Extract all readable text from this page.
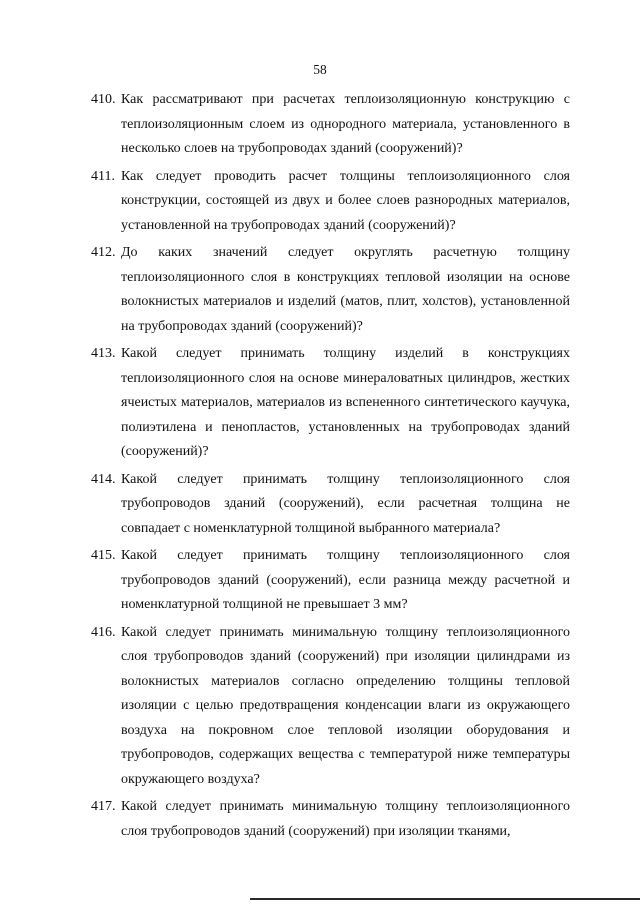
58
410. Как рассматривают при расчетах теплоизоляционную конструкцию с теплоизоляционным слоем из однородного материала, установленного в несколько слоев на трубопроводах зданий (сооружений)?
411. Как следует проводить расчет толщины теплоизоляционного слоя конструкции, состоящей из двух и более слоев разнородных материалов, установленной на трубопроводах зданий (сооружений)?
412. До каких значений следует округлять расчетную толщину теплоизоляционного слоя в конструкциях тепловой изоляции на основе волокнистых материалов и изделий (матов, плит, холстов), установленной на трубопроводах зданий (сооружений)?
413. Какой следует принимать толщину изделий в конструкциях теплоизоляционного слоя на основе минераловатных цилиндров, жестких ячеистых материалов, материалов из вспененного синтетического каучука, полиэтилена и пенопластов, установленных на трубопроводах зданий (сооружений)?
414. Какой следует принимать толщину теплоизоляционного слоя трубопроводов зданий (сооружений), если расчетная толщина не совпадает с номенклатурной толщиной выбранного материала?
415. Какой следует принимать толщину теплоизоляционного слоя трубопроводов зданий (сооружений), если разница между расчетной и номенклатурной толщиной не превышает 3 мм?
416. Какой следует принимать минимальную толщину теплоизоляционного слоя трубопроводов зданий (сооружений) при изоляции цилиндрами из волокнистых материалов согласно определению толщины тепловой изоляции с целью предотвращения конденсации влаги из окружающего воздуха на покровном слое тепловой изоляции оборудования и трубопроводов, содержащих вещества с температурой ниже температуры окружающего воздуха?
417. Какой следует принимать минимальную толщину теплоизоляционного слоя трубопроводов зданий (сооружений) при изоляции тканями,
